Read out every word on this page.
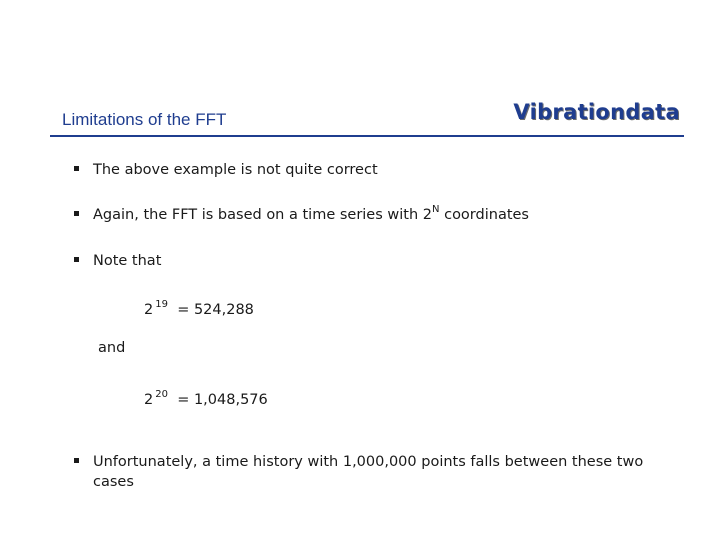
Limitations of the FFT	Vibrationdata
The above example is not quite correct
Again, the FFT is based on a time series with $2^N$ coordinates
Note that
2 $^{19}$ = 524,288
and
2 $^{20}$ = 1,048,576
Unfortunately, a time history with 1,000,000 points falls between these two cases
